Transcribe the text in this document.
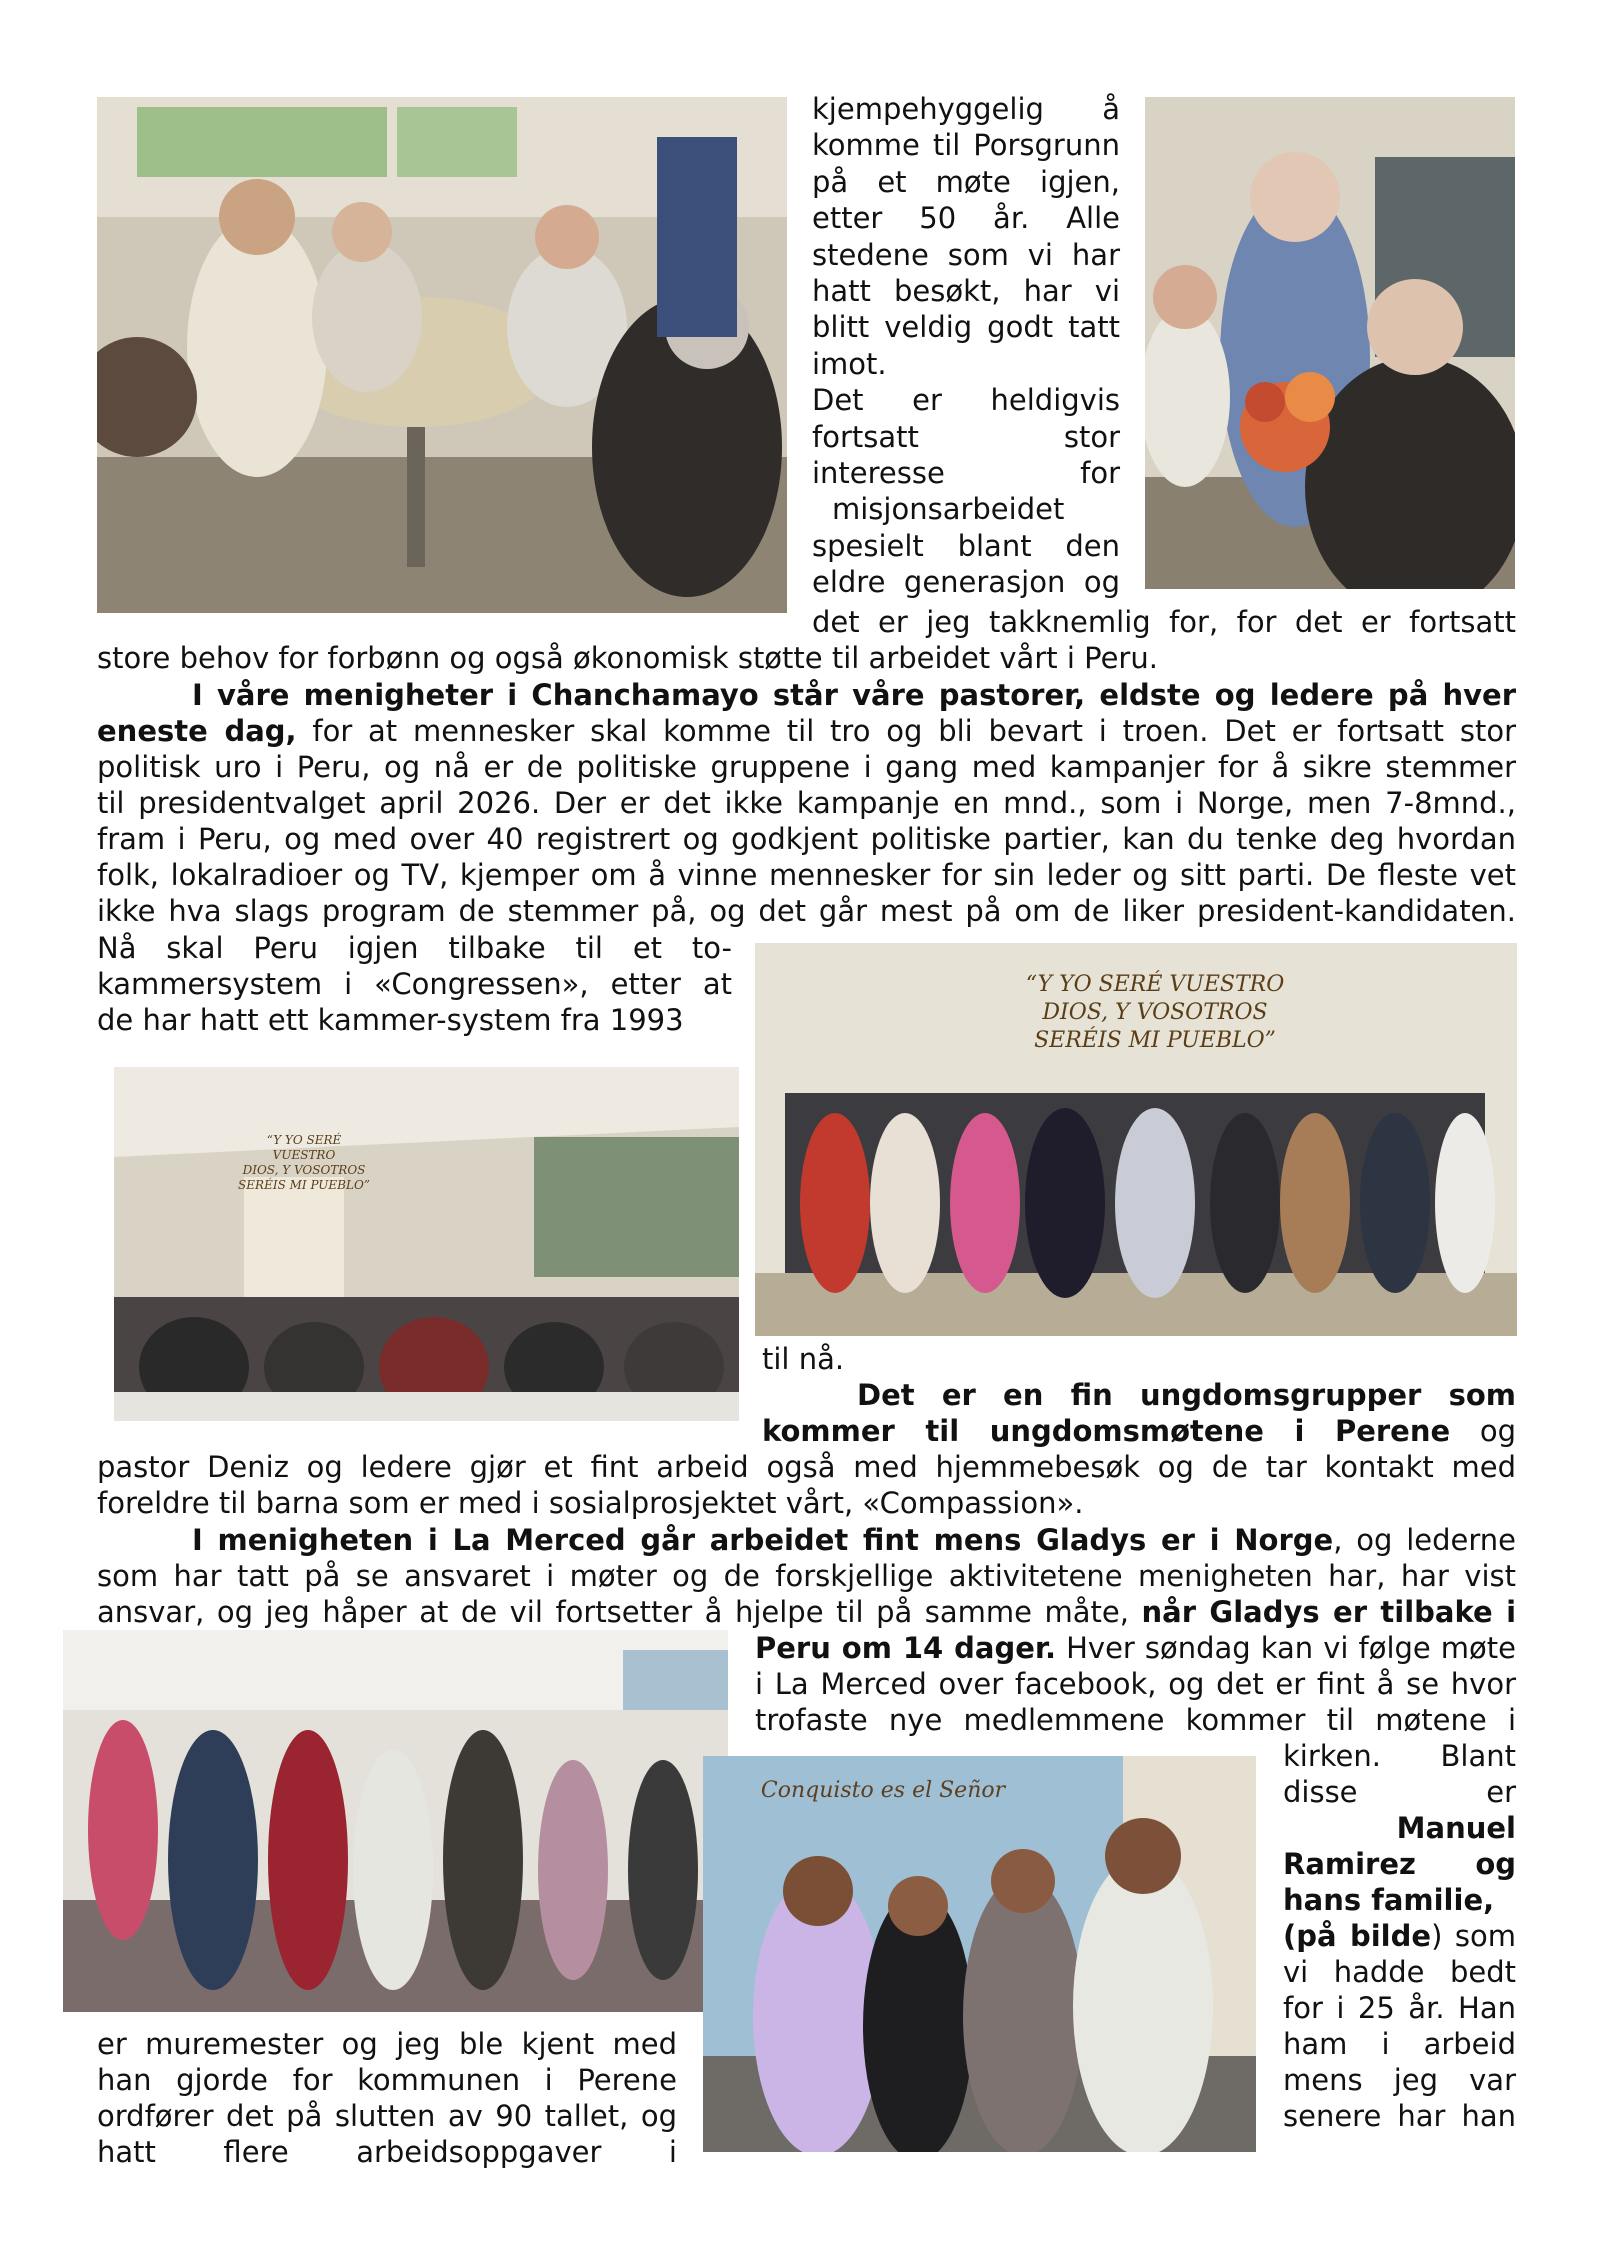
“Y YO SERÉ VUESTRO
DIOS, Y VOSOTROS
SERÉIS MI PUEBLO”
“Y YO SERÉ VUESTRO
DIOS, Y VOSOTROS
SERÉIS MI PUEBLO”
Conquisto es el Señor
kjempehyggelig å
komme til Porsgrunn
på et møte igjen,
etter 50 år. Alle
stedene som vi har
hatt besøkt, har vi
blitt veldig godt tatt
imot.
Det er heldigvis
fortsatt stor
interesse for
misjonsarbeidet
spesielt blant den
eldre generasjon og
det er jeg takknemlig for, for det er fortsatt
store behov for forbønn og også økonomisk støtte til arbeidet vårt i Peru.
I våre menigheter i Chanchamayo står våre pastorer, eldste og ledere på hver
eneste dag, for at mennesker skal komme til tro og bli bevart i troen. Det er fortsatt stor
politisk uro i Peru, og nå er de politiske gruppene i gang med kampanjer for å sikre stemmer
til presidentvalget april 2026. Der er det ikke kampanje en mnd., som i Norge, men 7-8mnd.,
fram i Peru, og med over 40 registrert og godkjent politiske partier, kan du tenke deg hvordan
folk, lokalradioer og TV, kjemper om å vinne mennesker for sin leder og sitt parti. De fleste vet
ikke hva slags program de stemmer på, og det går mest på om de liker president-kandidaten.
Nå skal Peru igjen tilbake til et to-
kammersystem i «Congressen», etter at
de har hatt ett kammer-system fra 1993
til nå.
Det er en fin ungdomsgrupper som
kommer til ungdomsmøtene i Perene og
pastor Deniz og ledere gjør et fint arbeid også med hjemmebesøk og de tar kontakt med
foreldre til barna som er med i sosialprosjektet vårt, «Compassion».
I menigheten i La Merced går arbeidet fint mens Gladys er i Norge, og lederne
som har tatt på se ansvaret i møter og de forskjellige aktivitetene menigheten har, har vist
ansvar, og jeg håper at de vil fortsetter å hjelpe til på samme måte, når Gladys er tilbake i
Peru om 14 dager. Hver søndag kan vi følge møte
i La Merced over facebook, og det er fint å se hvor
trofaste nye medlemmene kommer til møtene i
kirken. Blant
disse er
Manuel
Ramirez og
hans familie,
(på bilde) som
vi hadde bedt
for i 25 år. Han
ham i arbeid
mens jeg var
senere har han
er muremester og jeg ble kjent med
han gjorde for kommunen i Perene
ordfører det på slutten av 90 tallet, og
hatt flere arbeidsoppgaver i
